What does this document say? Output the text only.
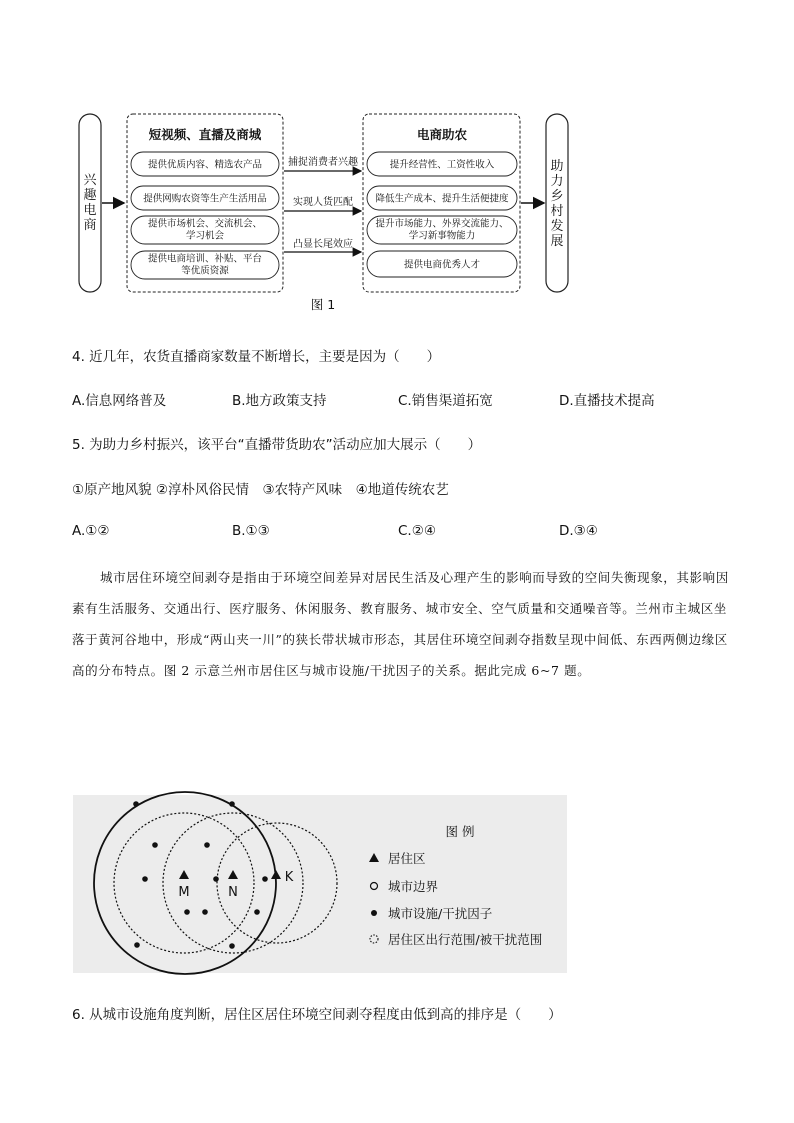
兴趣电商
短视频、直播及商城
提供优质内容、精选农产品
提供网购农资等生产生活用品
提供市场机会、交流机会、
学习机会
提供电商培训、补贴、平台
等优质资源
捕捉消费者兴趣
实现人货匹配
凸显长尾效应
电商助农
提升经营性、工资性收入
降低生产成本、提升生活便捷度
提升市场能力、外界交流能力、
学习新事物能力
提供电商优秀人才
助力乡村发展
图 1
4. 近几年，农货直播商家数量不断增长，主要是因为（　　）
A.信息网络普及	B.地方政策支持	C.销售渠道拓宽	D.直播技术提高
5. 为助力乡村振兴，该平台“直播带货助农”活动应加大展示（　　）
①原产地风貌 ②淳朴风俗民情　③农特产风味　④地道传统农艺
A.①②	B.①③	C.②④	D.③④
城市居住环境空间剥夺是指由于环境空间差异对居民生活及心理产生的影响而导致的空间失衡现象，其影响因素有生活服务、交通出行、医疗服务、休闲服务、教育服务、城市安全、空气质量和交通噪音等。兰州市主城区坐落于黄河谷地中，形成“两山夹一川”的狭长带状城市形态，其居住环境空间剥夺指数呈现中间低、东西两侧边缘区高的分布特点。图 2 示意兰州市居住区与城市设施/干扰因子的关系。据此完成 6~7 题。
M	N
K
图 例
居住区
城市边界
城市设施/干扰因子
居住区出行范围/被干扰范围
6. 从城市设施角度判断，居住区居住环境空间剥夺程度由低到高的排序是（　　）
